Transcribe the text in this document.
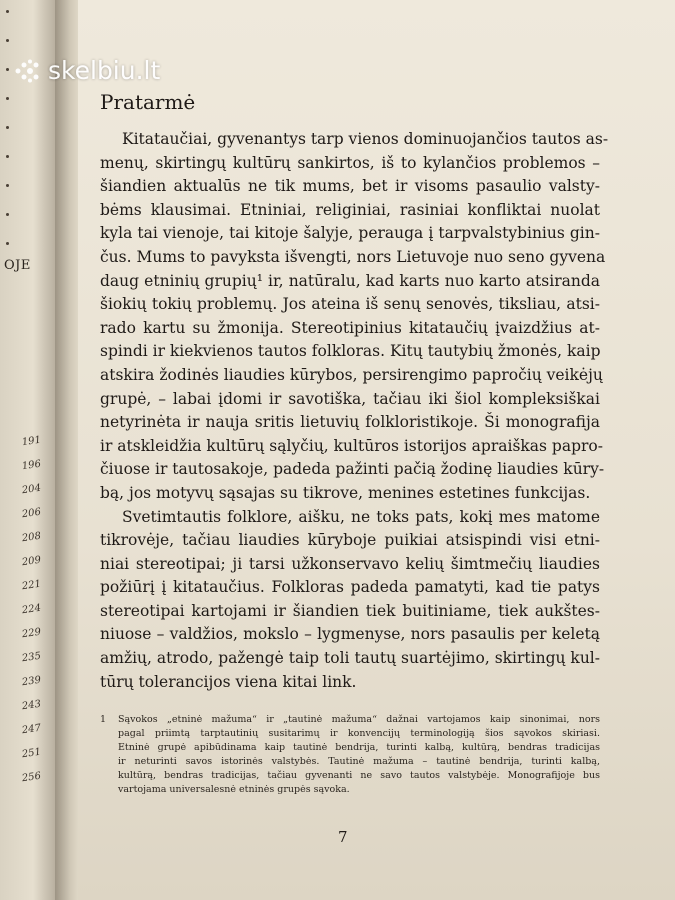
OJE
191
196
204
206
208
209
221
224
229
235
239
243
247
251
256
skelbiu.lt
Pratarmė
Kitataučiai, gyvenantys tarp vienos dominuojančios tautos as-
menų, skirtingų kultūrų sankirtos, iš to kylančios problemos –
šiandien aktualūs ne tik mums, bet ir visoms pasaulio valsty-
bėms klausimai. Etniniai, religiniai, rasiniai konfliktai nuolat
kyla tai vienoje, tai kitoje šalyje, perauga į tarpvalstybinius gin-
čus. Mums to pavyksta išvengti, nors Lietuvoje nuo seno gyvena
daug etninių grupių¹ ir, natūralu, kad karts nuo karto atsiranda
šiokių tokių problemų. Jos ateina iš senų senovės, tiksliau, atsi-
rado kartu su žmonija. Stereotipinius kitataučių įvaizdžius at-
spindi ir kiekvienos tautos folkloras. Kitų tautybių žmonės, kaip
atskira žodinės liaudies kūrybos, persirengimo papročių veikėjų
grupė, – labai įdomi ir savotiška, tačiau iki šiol kompleksiškai
netyrinėta ir nauja sritis lietuvių folkloristikoje. Ši monografija
ir atskleidžia kultūrų sąlyčių, kultūros istorijos apraiškas papro-
čiuose ir tautosakoje, padeda pažinti pačią žodinę liaudies kūry-
bą, jos motyvų sąsajas su tikrove, menines estetines funkcijas.
Svetimtautis folklore, aišku, ne toks pats, kokį mes matome
tikrovėje, tačiau liaudies kūryboje puikiai atsispindi visi etni-
niai stereotipai; ji tarsi užkonservavo kelių šimtmečių liaudies
požiūrį į kitataučius. Folkloras padeda pamatyti, kad tie patys
stereotipai kartojami ir šiandien tiek buitiniame, tiek aukštes-
niuose – valdžios, mokslo – lygmenyse, nors pasaulis per keletą
amžių, atrodo, pažengė taip toli tautų suartėjimo, skirtingų kul-
tūrų tolerancijos viena kitai link.
1 Sąvokos „etninė mažuma“ ir „tautinė mažuma“ dažnai vartojamos kaip sinonimai, nors
pagal priimtą tarptautinių susitarimų ir konvencijų terminologiją šios sąvokos skiriasi.
Etninė grupė apibūdinama kaip tautinė bendrija, turinti kalbą, kultūrą, bendras tradicijas
ir neturinti savos istorinės valstybės. Tautinė mažuma – tautinė bendrija, turinti kalbą,
kultūrą, bendras tradicijas, tačiau gyvenanti ne savo tautos valstybėje. Monografijoje bus
vartojama universalesnė etninės grupės sąvoka.
7
